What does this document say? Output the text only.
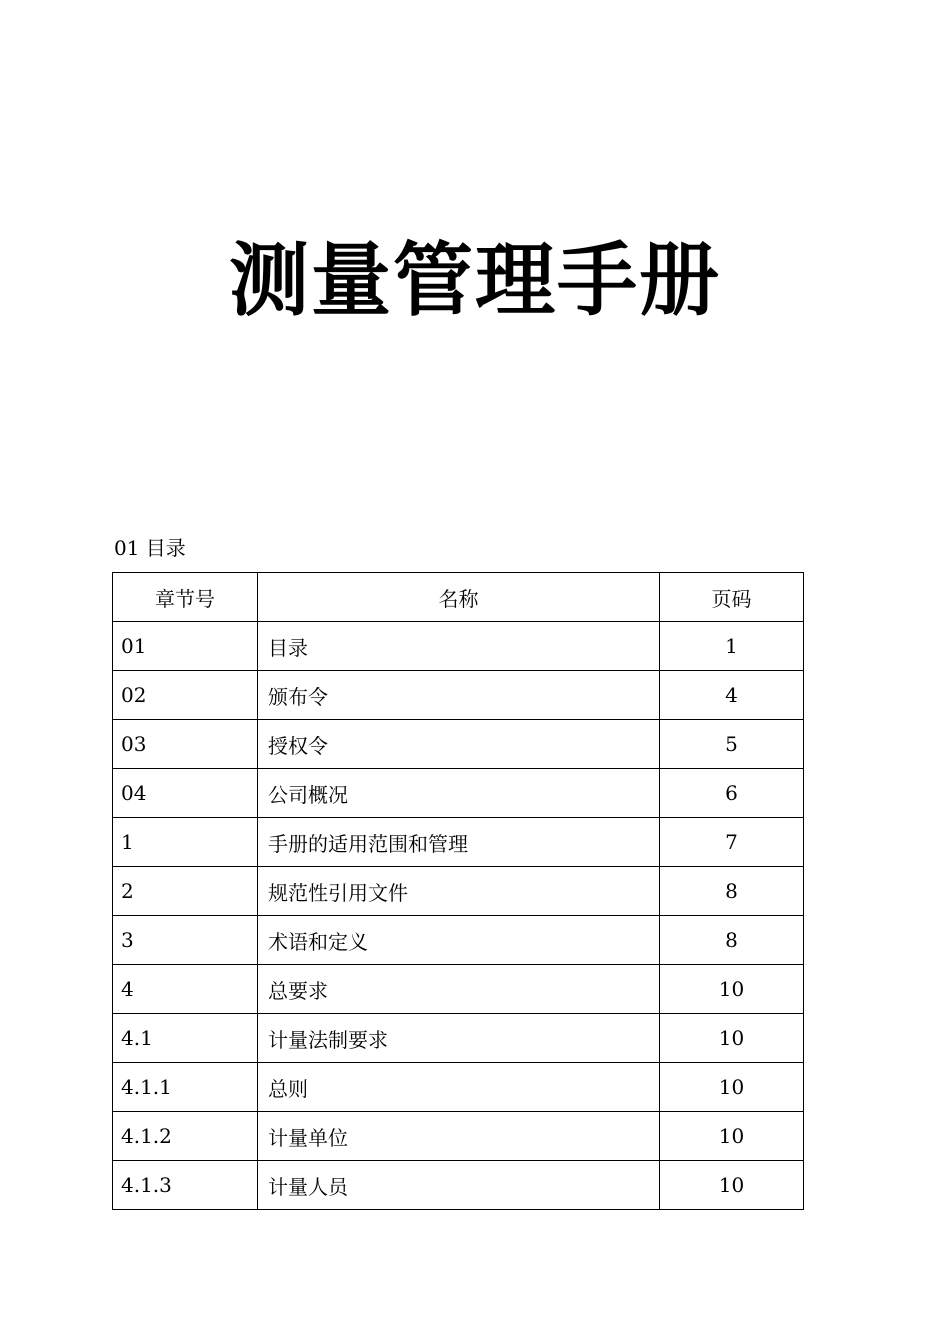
测量管理手册
01 目录
章节号	名称	页码
01	目录	1
02	颁布令	4
03	授权令	5
04	公司概况	6
1	手册的适用范围和管理	7
2	规范性引用文件	8
3	术语和定义	8
4	总要求	10
4.1	计量法制要求	10
4.1.1	总则	10
4.1.2	计量单位	10
4.1.3	计量人员	10
